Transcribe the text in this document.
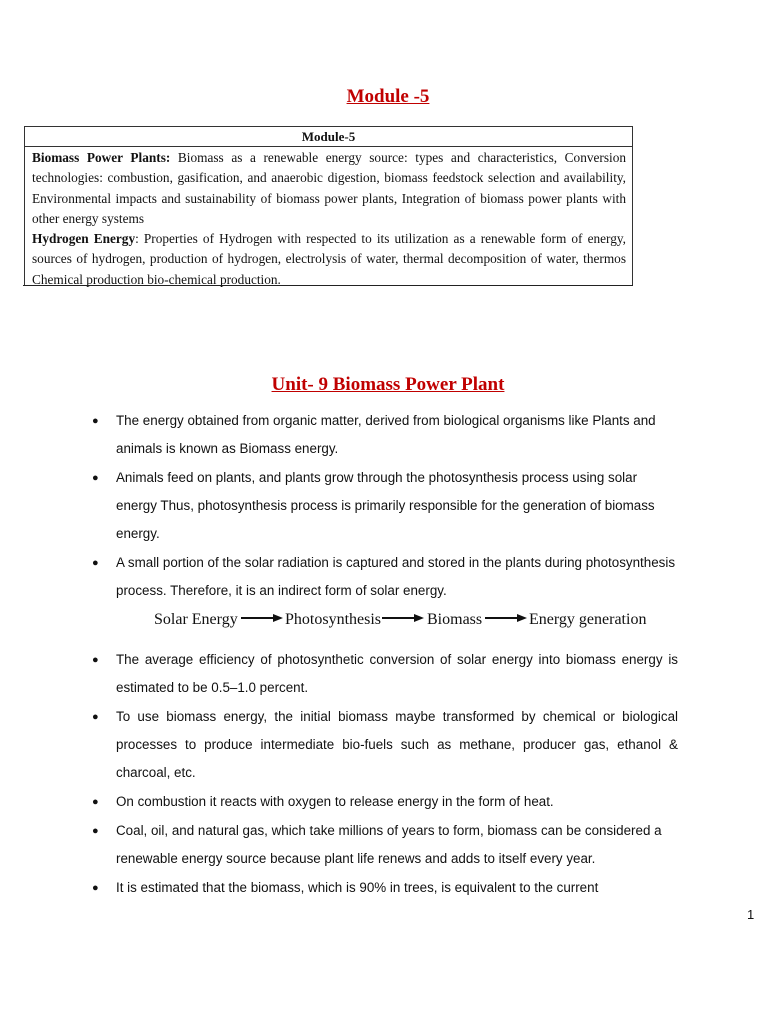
Module -5
Module-5
Biomass Power Plants: Biomass as a renewable energy source: types and characteristics, Conversion technologies: combustion, gasification, and anaerobic digestion, biomass feedstock selection and availability, Environmental impacts and sustainability of biomass power plants, Integration of biomass power plants with other energy systems
Hydrogen Energy: Properties of Hydrogen with respected to its utilization as a renewable form of energy, sources of hydrogen, production of hydrogen, electrolysis of water, thermal decomposition of water, thermos Chemical production bio-chemical production.
Unit- 9 Biomass Power Plant
● The energy obtained from organic matter, derived from biological organisms like Plants and animals is known as Biomass energy.
● Animals feed on plants, and plants grow through the photosynthesis process using solar energy Thus, photosynthesis process is primarily responsible for the generation of biomass energy.
● A small portion of the solar radiation is captured and stored in the plants during photosynthesis process. Therefore, it is an indirect form of solar energy.
Solar Energy	Photosynthesis	Biomass	Energy generation
● The average efficiency of photosynthetic conversion of solar energy into biomass energy is estimated to be 0.5–1.0 percent.
● To use biomass energy, the initial biomass maybe transformed by chemical or biological processes to produce intermediate bio-fuels such as methane, producer gas, ethanol & charcoal, etc.
● On combustion it reacts with oxygen to release energy in the form of heat.
● Coal, oil, and natural gas, which take millions of years to form, biomass can be considered a renewable energy source because plant life renews and adds to itself every year.
● It is estimated that the biomass, which is 90% in trees, is equivalent to the current
1
